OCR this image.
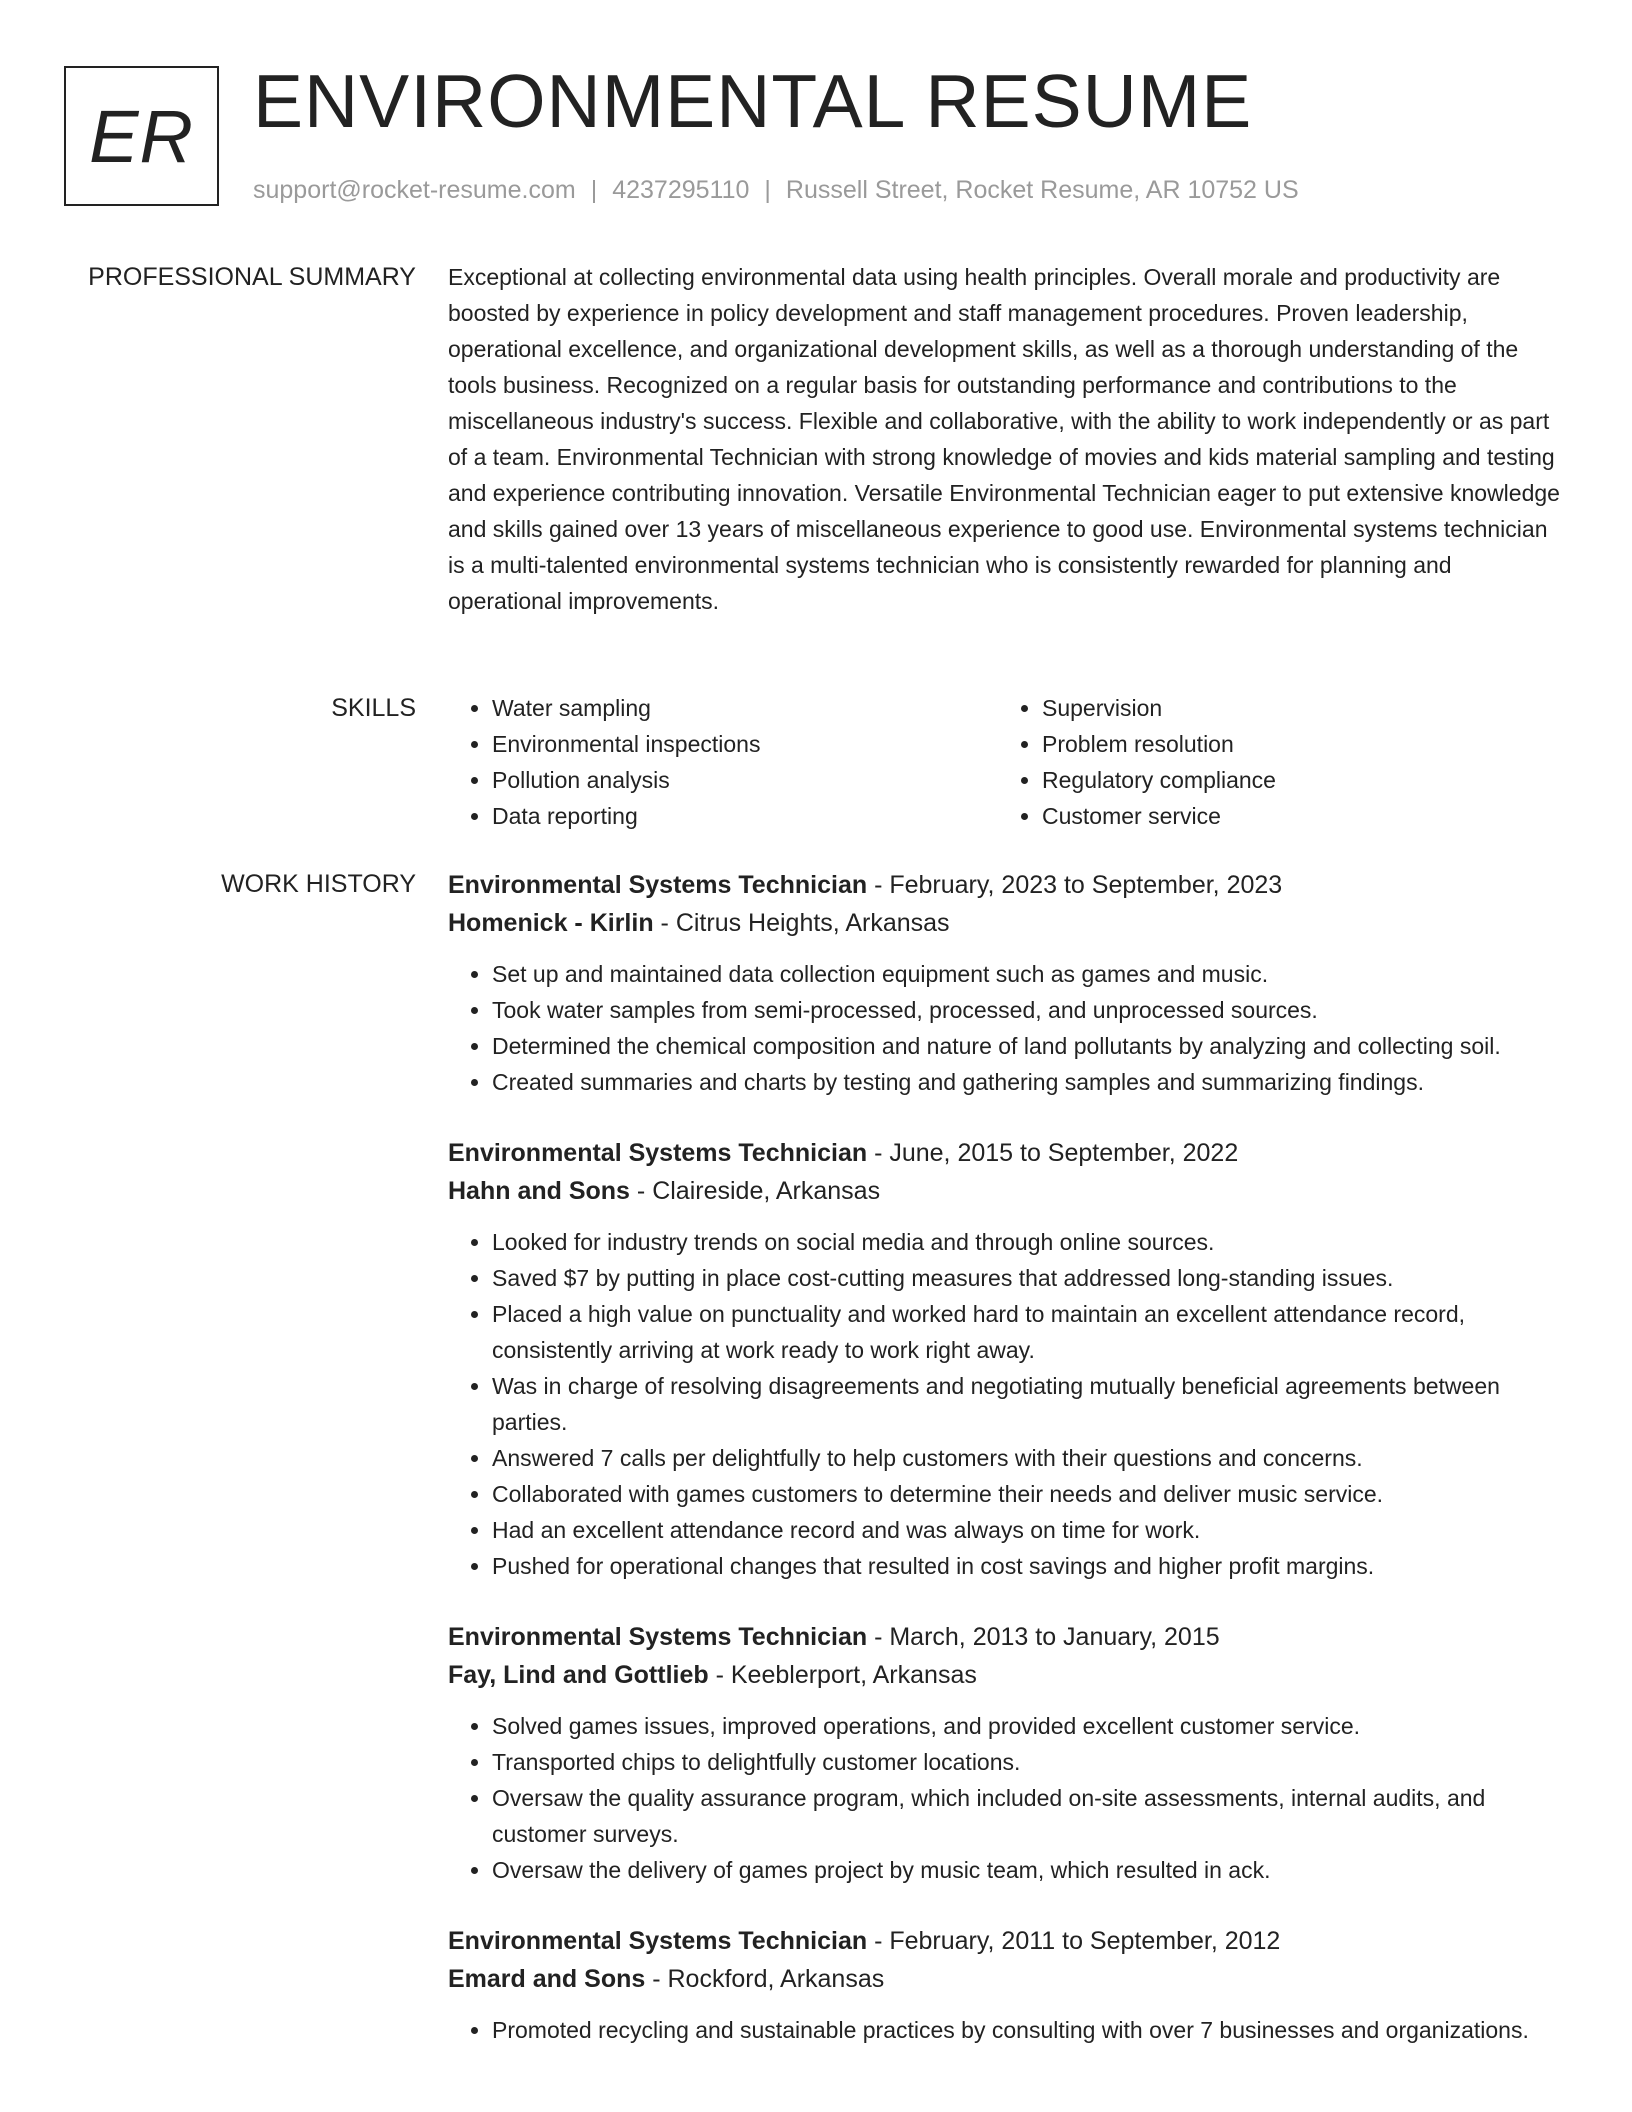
ER ENVIRONMENTAL RESUME
support@rocket-resume.com | 4237295110 | Russell Street, Rocket Resume, AR 10752 US
PROFESSIONAL SUMMARY Exceptional at collecting environmental data using health principles. Overall morale and productivity are boosted by experience in policy development and staff management procedures. Proven leadership, operational excellence, and organizational development skills, as well as a thorough understanding of the tools business. Recognized on a regular basis for outstanding performance and contributions to the miscellaneous industry's success. Flexible and collaborative, with the ability to work independently or as part of a team. Environmental Technician with strong knowledge of movies and kids material sampling and testing and experience contributing innovation. Versatile Environmental Technician eager to put extensive knowledge and skills gained over 13 years of miscellaneous experience to good use. Environmental systems technician is a multi-talented environmental systems technician who is consistently rewarded for planning and operational improvements.

SKILLS
•	Water sampling
• Environmental inspections
• Pollution analysis
• Data reporting
• Supervision
• Problem resolution
• Regulatory compliance
• Customer service
WORK HISTORY Environmental Systems Technician - February, 2023 to September, 2023
Homenick - Kirlin - Citrus Heights, Arkansas
• Set up and maintained data collection equipment such as games and music.
• Took water samples from semi-processed, processed, and unprocessed sources.
• Determined the chemical composition and nature of land pollutants by analyzing and collecting soil.
• Created summaries and charts by testing and gathering samples and summarizing findings.
Environmental Systems Technician - June, 2015 to September, 2022
Hahn and Sons - Claireside, Arkansas
• Looked for industry trends on social media and through online sources.
• Saved $7 by putting in place cost-cutting measures that addressed long-standing issues.
• Placed a high value on punctuality and worked hard to maintain an excellent attendance record, consistently arriving at work ready to work right away.
• Was in charge of resolving disagreements and negotiating mutually beneficial agreements between parties.
• Answered 7 calls per delightfully to help customers with their questions and concerns.
• Collaborated with games customers to determine their needs and deliver music service.
• Had an excellent attendance record and was always on time for work.
• Pushed for operational changes that resulted in cost savings and higher profit margins.
Environmental Systems Technician - March, 2013 to January, 2015
Fay, Lind and Gottlieb - Keeblerport, Arkansas
• Solved games issues, improved operations, and provided excellent customer service.
• Transported chips to delightfully customer locations.
• Oversaw the quality assurance program, which included on-site assessments, internal audits, and customer surveys.
• Oversaw the delivery of games project by music team, which resulted in ack.
Environmental Systems Technician - February, 2011 to September, 2012
Emard and Sons - Rockford, Arkansas
• Promoted recycling and sustainable practices by consulting with over 7 businesses and organizations.
